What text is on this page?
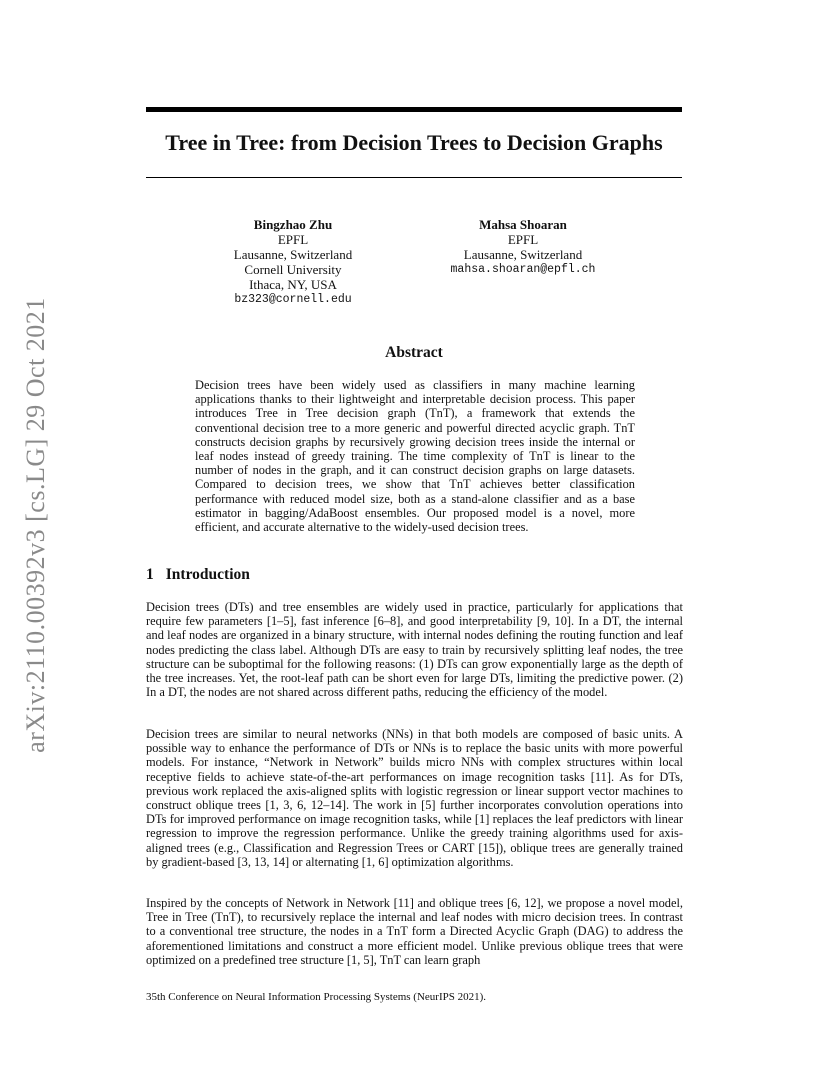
arXiv:2110.00392v3 [cs.LG] 29 Oct 2021
Tree in Tree: from Decision Trees to Decision Graphs
Bingzhao Zhu
EPFL
Lausanne, Switzerland
Cornell University
Ithaca, NY, USA
bz323@cornell.edu
Mahsa Shoaran
EPFL
Lausanne, Switzerland
mahsa.shoaran@epfl.ch
Abstract

Decision trees have been widely used as classifiers in many machine learning applications thanks to their lightweight and interpretable decision process. This paper introduces Tree in Tree decision graph (TnT), a framework that extends the conventional decision tree to a more generic and powerful directed acyclic graph. TnT constructs decision graphs by recursively growing decision trees inside the internal or leaf nodes instead of greedy training. The time complexity of TnT is linear to the number of nodes in the graph, and it can construct decision graphs on large datasets. Compared to decision trees, we show that TnT achieves better classification performance with reduced model size, both as a stand-alone classifier and as a base estimator in bagging/AdaBoost ensembles. Our proposed model is a novel, more efficient, and accurate alternative to the widely-used decision trees.

1 Introduction

Decision trees (DTs) and tree ensembles are widely used in practice, particularly for applications that require few parameters [1–5], fast inference [6–8], and good interpretability [9, 10]. In a DT, the internal and leaf nodes are organized in a binary structure, with internal nodes defining the routing function and leaf nodes predicting the class label. Although DTs are easy to train by recursively splitting leaf nodes, the tree structure can be suboptimal for the following reasons: (1) DTs can grow exponentially large as the depth of the tree increases. Yet, the root-leaf path can be short even for large DTs, limiting the predictive power. (2) In a DT, the nodes are not shared across different paths, reducing the efficiency of the model.

Decision trees are similar to neural networks (NNs) in that both models are composed of basic units. A possible way to enhance the performance of DTs or NNs is to replace the basic units with more powerful models. For instance, “Network in Network” builds micro NNs with complex structures within local receptive fields to achieve state-of-the-art performances on image recognition tasks [11]. As for DTs, previous work replaced the axis-aligned splits with logistic regression or linear support vector machines to construct oblique trees [1, 3, 6, 12–14]. The work in [5] further incorporates convolution operations into DTs for improved performance on image recognition tasks, while [1] replaces the leaf predictors with linear regression to improve the regression performance. Unlike the greedy training algorithms used for axis-aligned trees (e.g., Classification and Regression Trees or CART [15]), oblique trees are generally trained by gradient-based [3, 13, 14] or alternating [1, 6] optimization algorithms.

Inspired by the concepts of Network in Network [11] and oblique trees [6, 12], we propose a novel model, Tree in Tree (TnT), to recursively replace the internal and leaf nodes with micro decision trees. In contrast to a conventional tree structure, the nodes in a TnT form a Directed Acyclic Graph (DAG) to address the aforementioned limitations and construct a more efficient model. Unlike previous oblique trees that were optimized on a predefined tree structure [1, 5], TnT can learn graph

35th Conference on Neural Information Processing Systems (NeurIPS 2021).
